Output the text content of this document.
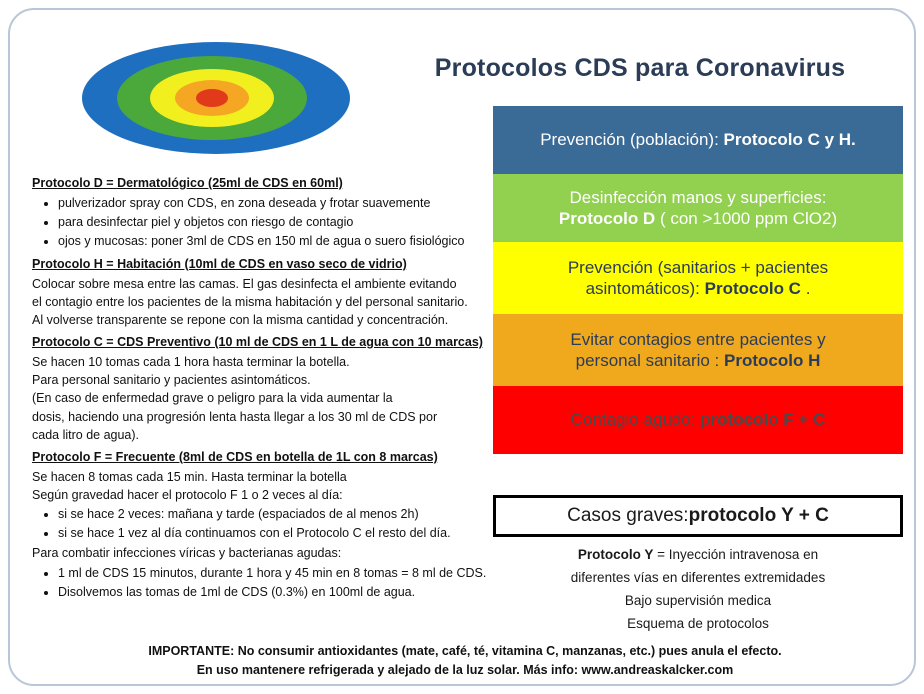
Protocolos CDS para Coronavirus
Protocolo D = Dermatológico (25ml de CDS en 60ml)
• pulverizador spray con CDS, en zona deseada y frotar suavemente
• para desinfectar piel y objetos con riesgo de contagio
• ojos y mucosas: poner 3ml de CDS en 150 ml de agua o suero fisiológico
Protocolo H = Habitación (10ml de CDS en vaso seco de vidrio)
Colocar sobre mesa entre las camas. El gas desinfecta el ambiente evitando
el contagio entre los pacientes de la misma habitación y del personal sanitario.
Al volverse transparente se repone con la misma cantidad y concentración.
Protocolo C = CDS Preventivo (10 ml de CDS en 1 L de agua con 10 marcas)
Se hacen 10 tomas cada 1 hora hasta terminar la botella.
Para personal sanitario y pacientes asintomáticos.
(En caso de enfermedad grave o peligro para la vida aumentar la
dosis, haciendo una progresión lenta hasta llegar a los 30 ml de CDS por
cada litro de agua).
Protocolo F = Frecuente (8ml de CDS en botella de 1L con 8 marcas)
Se hacen 8 tomas cada 15 min. Hasta terminar la botella
Según gravedad hacer el protocolo F 1 o 2 veces al día:
• si se hace 2 veces: mañana y tarde (espaciados de al menos 2h)
• si se hace 1 vez al día continuamos con el Protocolo C el resto del día.
Para combatir infecciones víricas y bacterianas agudas:
• 1 ml de CDS 15 minutos, durante 1 hora y 45 min en 8 tomas = 8 ml de CDS.
• Disolvemos las tomas de 1ml de CDS (0.3%) en 100ml de agua.
Prevención (población): Protocolo C y H.
Desinfección manos y superficies:
Protocolo D ( con >1000 ppm ClO2)
Prevención (sanitarios + pacientes
asintomáticos): Protocolo C .
Evitar contagios entre pacientes y
personal sanitario : Protocolo H
Contagio agudo: protocolo F + C
Casos graves: protocolo Y + C
Protocolo Y = Inyección intravenosa en
diferentes vías en diferentes extremidades
Bajo supervisión medica
Esquema de protocolos
IMPORTANTE: No consumir antioxidantes (mate, café, té, vitamina C, manzanas, etc.) pues anula el efecto.
En uso mantenere refrigerada y alejado de la luz solar. Más info: www.andreaskalcker.com
